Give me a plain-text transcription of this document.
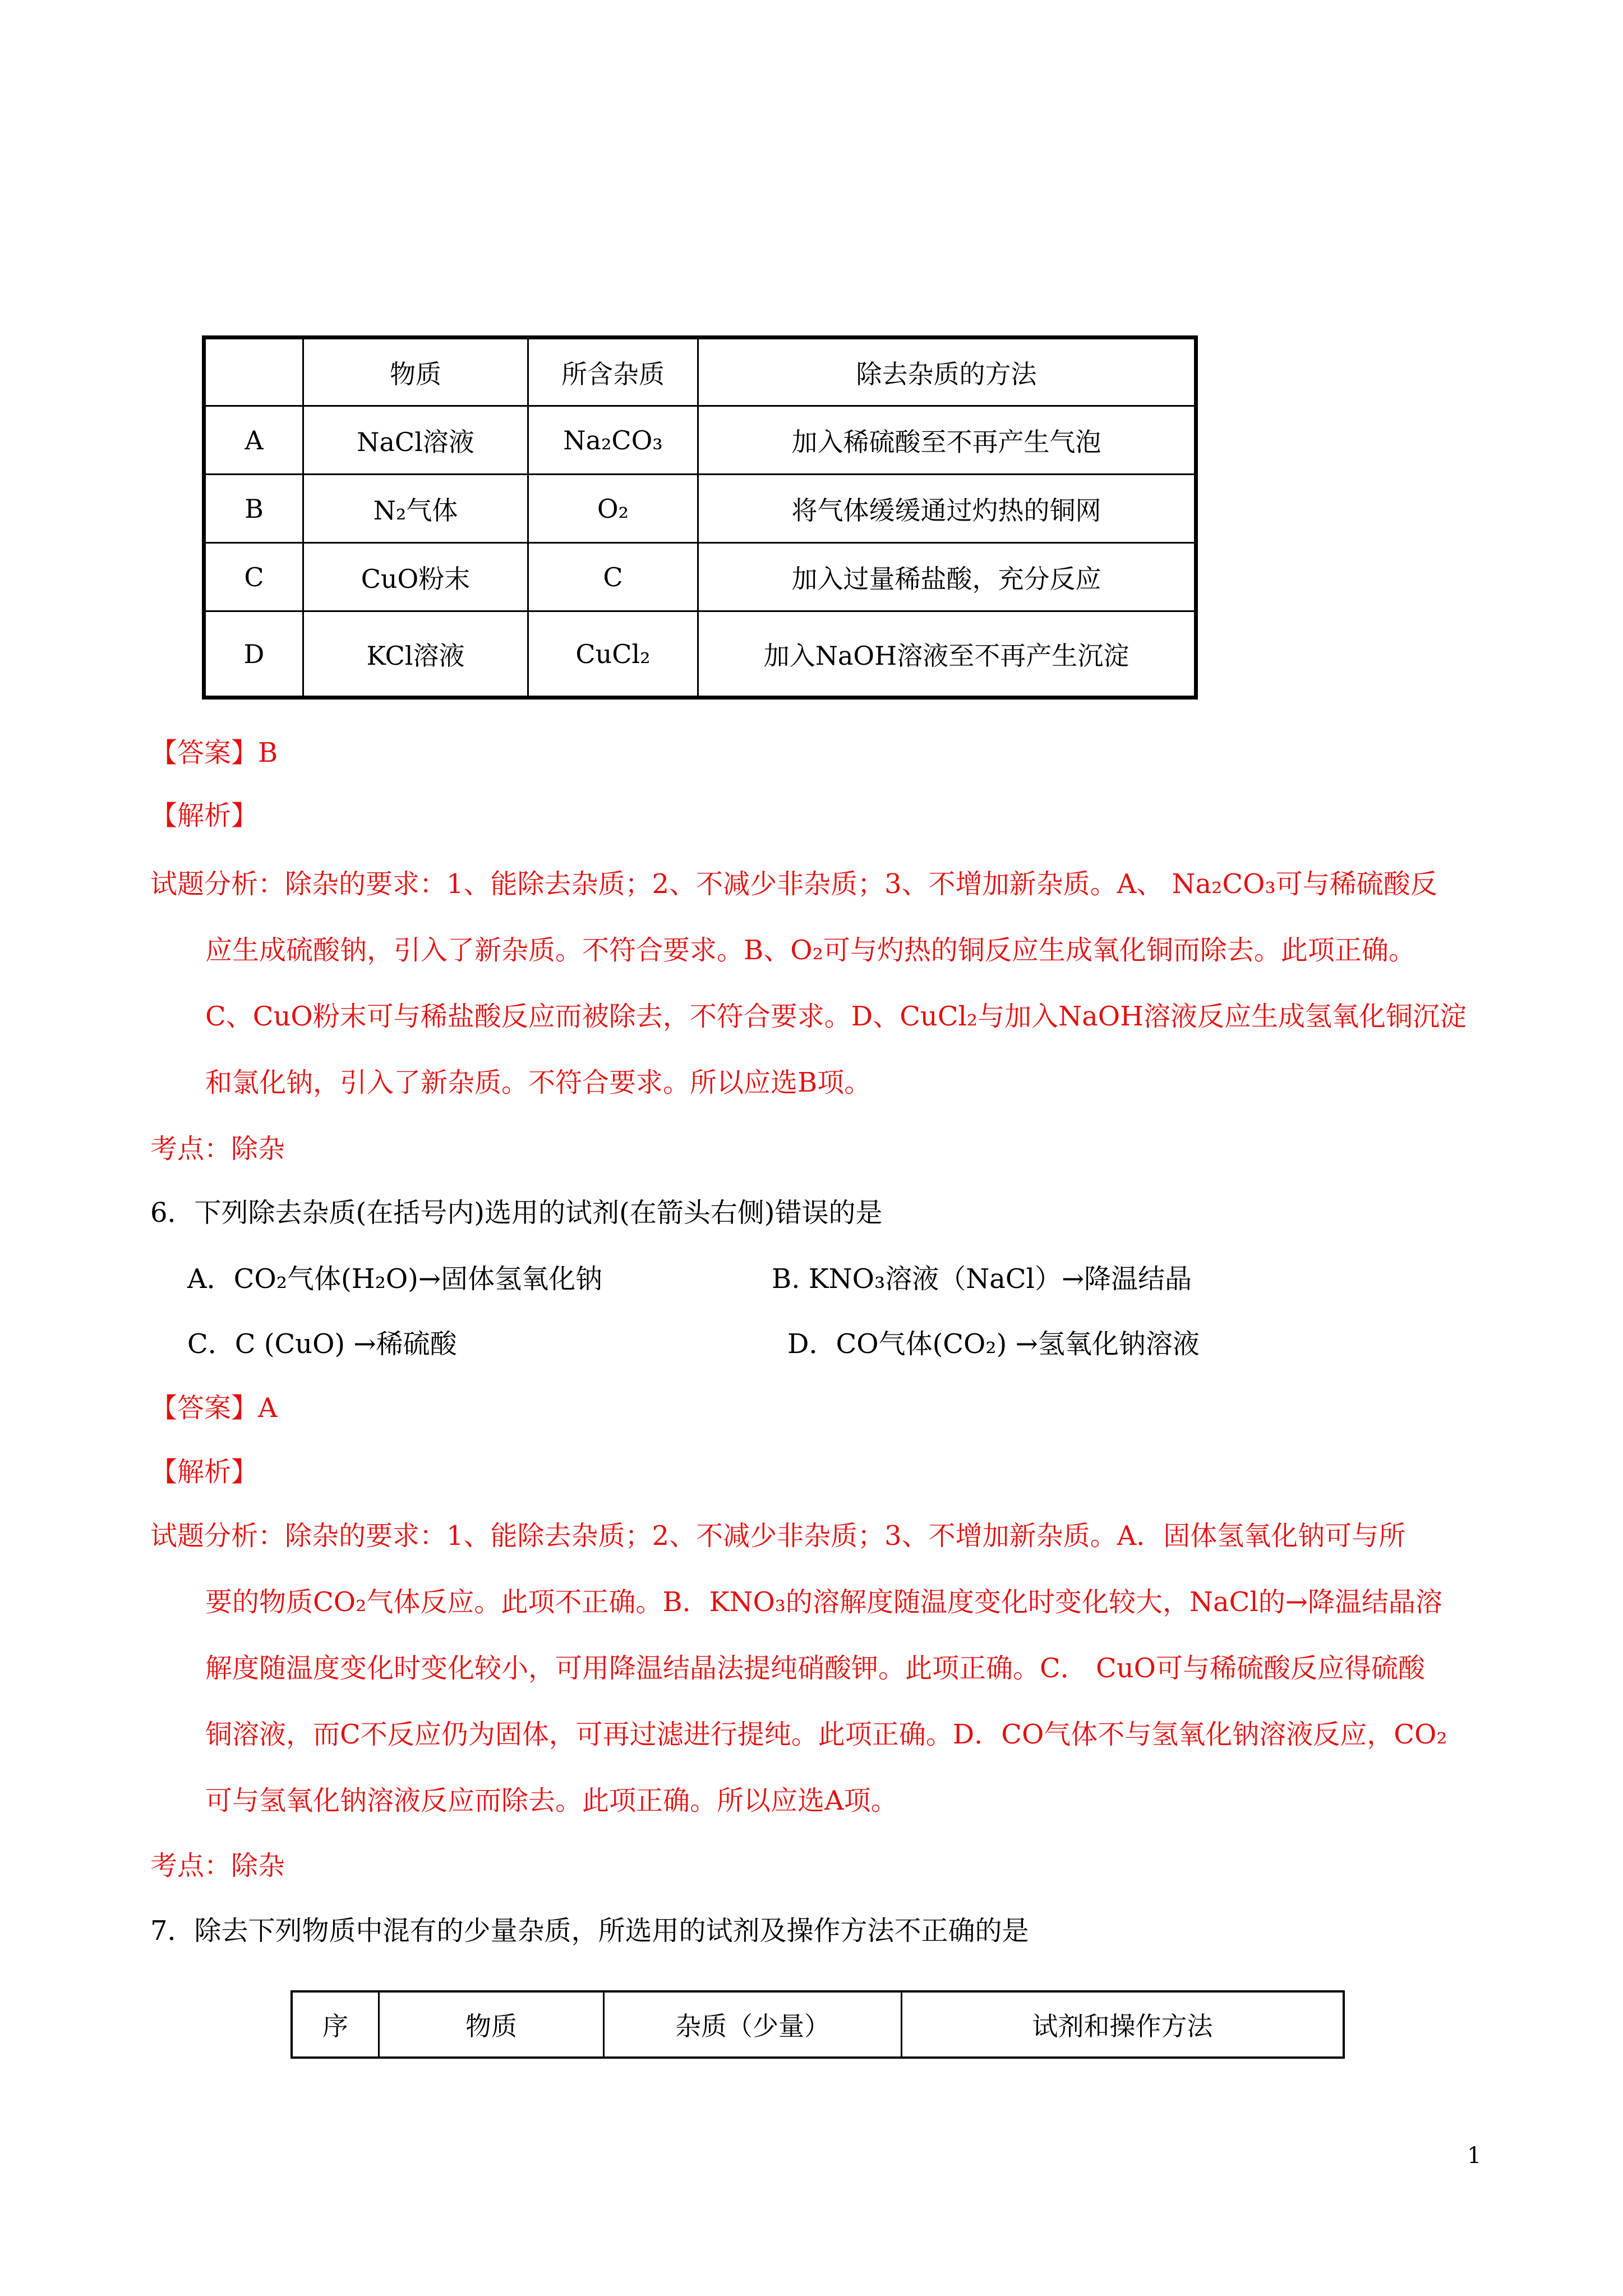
	物质	所含杂质	除去杂质的方法
A	NaCl溶液	Na₂CO₃	加入稀硫酸至不再产生气泡
B	N₂气体	O₂	将气体缓缓通过灼热的铜网
C	CuO粉末	C	加入过量稀盐酸，充分反应
D	KCl溶液	CuCl₂	加入NaOH溶液至不再产生沉淀
【答案】B
【解析】
试题分析：除杂的要求：1、能除去杂质；2、不减少非杂质；3、不增加新杂质。A、 Na₂CO₃可与稀硫酸反
应生成硫酸钠，引入了新杂质。不符合要求。B、O₂可与灼热的铜反应生成氧化铜而除去。此项正确。
C、CuO粉末可与稀盐酸反应而被除去，不符合要求。D、CuCl₂与加入NaOH溶液反应生成氢氧化铜沉淀
和氯化钠，引入了新杂质。不符合要求。所以应选B项。
考点：除杂
6．下列除去杂质(在括号内)选用的试剂(在箭头右侧)错误的是
A．CO₂气体(H₂O)→固体氢氧化钠	B. KNO₃溶液（NaCl）→降温结晶
C．C (CuO) →稀硫酸	D．CO气体(CO₂) →氢氧化钠溶液
【答案】A
【解析】
试题分析：除杂的要求：1、能除去杂质；2、不减少非杂质；3、不增加新杂质。A．固体氢氧化钠可与所
要的物质CO₂气体反应。此项不正确。B．KNO₃的溶解度随温度变化时变化较大，NaCl的→降温结晶溶
解度随温度变化时变化较小，可用降温结晶法提纯硝酸钾。此项正确。C． CuO可与稀硫酸反应得硫酸
铜溶液，而C不反应仍为固体，可再过滤进行提纯。此项正确。D．CO气体不与氢氧化钠溶液反应，CO₂
可与氢氧化钠溶液反应而除去。此项正确。所以应选A项。
考点：除杂
7．除去下列物质中混有的少量杂质，所选用的试剂及操作方法不正确的是
序	物质	杂质（少量）	试剂和操作方法
1
